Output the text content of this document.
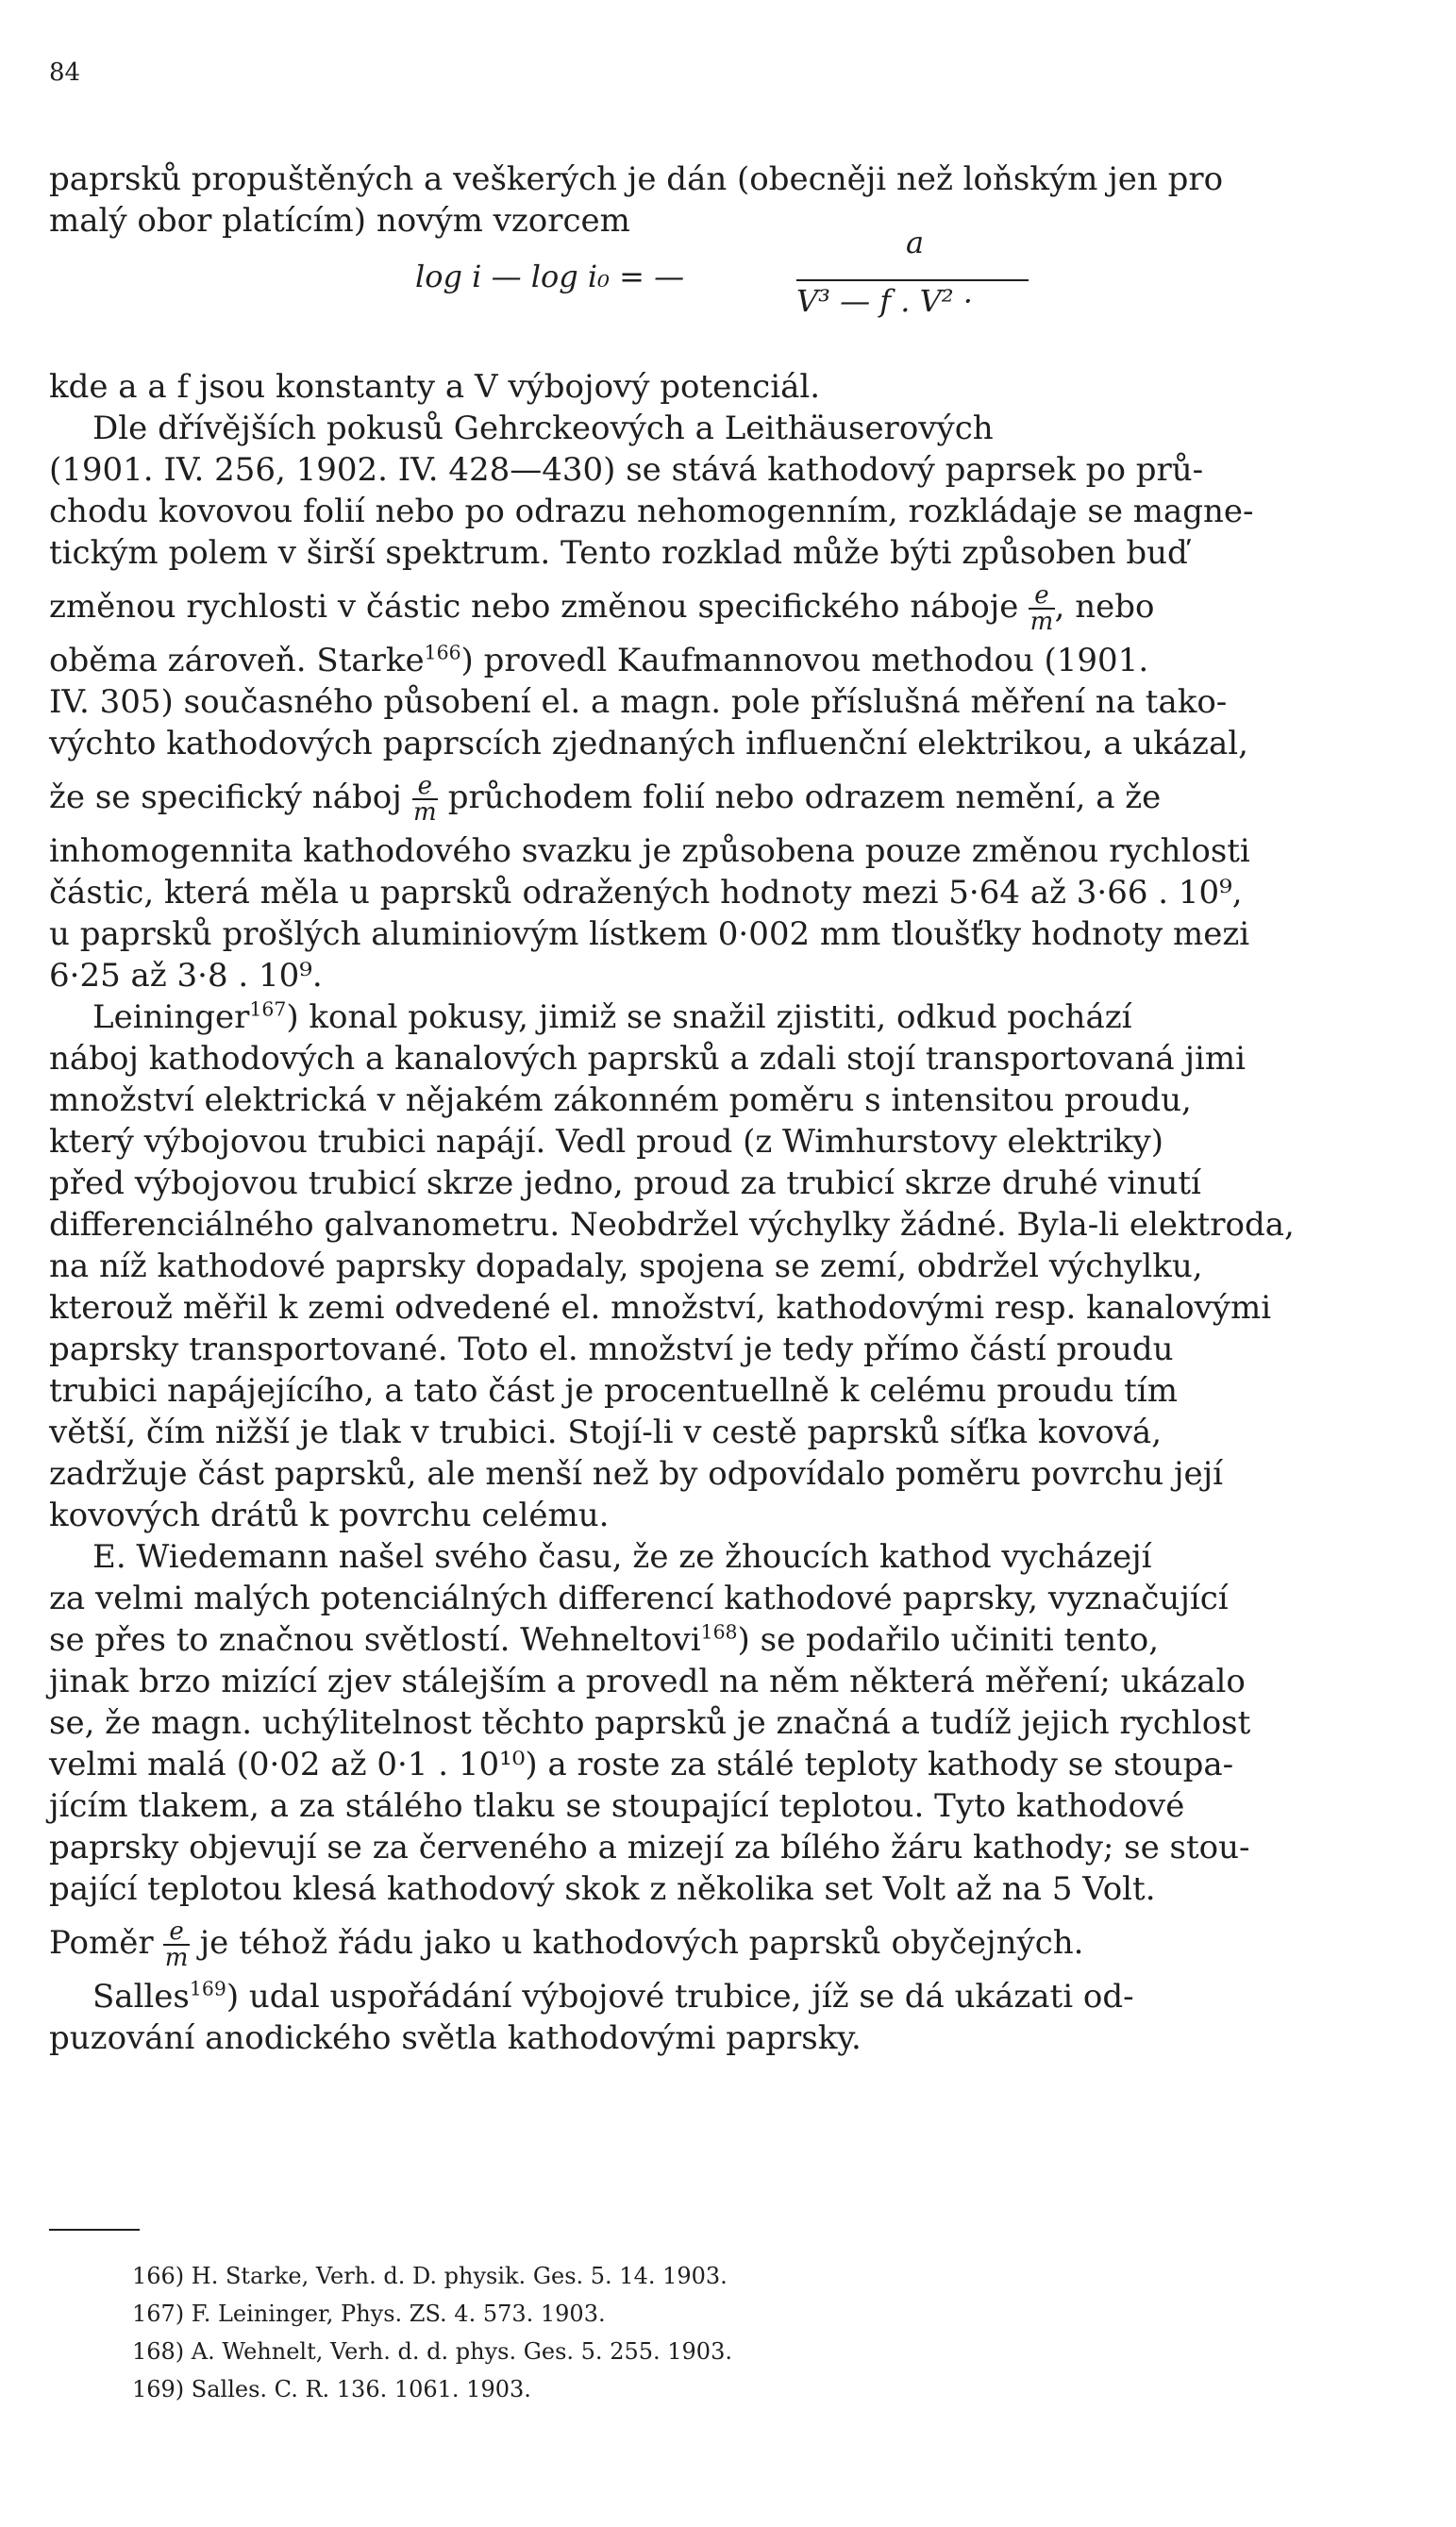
84
a
log i — log i₀ = —
V³ — f . V² ·
paprsků propuštěných a veškerých je dán (obecněji než loňským jen pro
malý obor platícím) novým vzorcem
kde a a f jsou konstanty a V výbojový potenciál.
Dle dřívějších pokusů Gehrckeových a Leithäuserových
(1901. IV. 256, 1902. IV. 428—430) se stává kathodový paprsek po prů-
chodu kovovou folií nebo po odrazu nehomogenním, rozkládaje se magne-
tickým polem v širší spektrum. Tento rozklad může býti způsoben buď
změnou rychlosti v částic nebo změnou specifického náboje $\frac{e}{m}$ , nebo
oběma zároveň. Starke$^{166}$) provedl Kaufmannovou methodou (1901.
IV. 305) současného působení el. a magn. pole příslušná měření na tako-
výchto kathodových paprscích zjednaných influenční elektrikou, a ukázal,
že se specifický náboj $\frac{e}{m}$ průchodem folií nebo odrazem nemění, a že
inhomogennita kathodového svazku je způsobena pouze změnou rychlosti
částic, která měla u paprsků odražených hodnoty mezi 5·64 až 3·66 . 10⁹,
u paprsků prošlých aluminiovým lístkem 0·002 mm tloušťky hodnoty mezi
6·25 až 3·8 . 10⁹.
Leininger$^{167}$) konal pokusy, jimiž se snažil zjistiti, odkud pochází
náboj kathodových a kanalových paprsků a zdali stojí transportovaná jimi
množství elektrická v nějakém zákonném poměru s intensitou proudu,
který výbojovou trubici napájí. Vedl proud (z Wimhurstovy elektriky)
před výbojovou trubicí skrze jedno, proud za trubicí skrze druhé vinutí
differenciálného galvanometru. Neobdržel výchylky žádné. Byla-li elektroda,
na níž kathodové paprsky dopadaly, spojena se zemí, obdržel výchylku,
kterouž měřil k zemi odvedené el. množství, kathodovými resp. kanalovými
paprsky transportované. Toto el. množství je tedy přímo částí proudu
trubici napájejícího, a tato část je procentuellně k celému proudu tím
větší, čím nižší je tlak v trubici. Stojí-li v cestě paprsků síťka kovová,
zadržuje část paprsků, ale menší než by odpovídalo poměru povrchu její
kovových drátů k povrchu celému.
E. Wiedemann našel svého času, že ze žhoucích kathod vycházejí
za velmi malých potenciálných differencí kathodové paprsky, vyznačující
se přes to značnou světlostí. Wehneltovi$^{168}$) se podařilo učiniti tento,
jinak brzo mizící zjev stálejším a provedl na něm některá měření; ukázalo
se, že magn. uchýlitelnost těchto paprsků je značná a tudíž jejich rychlost
velmi malá (0·02 až 0·1 . 10¹⁰) a roste za stálé teploty kathody se stoupa-
jícím tlakem, a za stálého tlaku se stoupající teplotou. Tyto kathodové
paprsky objevují se za červeného a mizejí za bílého žáru kathody; se stou-
pající teplotou klesá kathodový skok z několika set Volt až na 5 Volt.
Poměr $\frac{e}{m}$ je téhož řádu jako u kathodových paprsků obyčejných.
Salles$^{169}$) udal uspořádání výbojové trubice, jíž se dá ukázati od-
puzování anodického světla kathodovými paprsky.
166) H. Starke, Verh. d. D. physik. Ges. 5. 14. 1903.
167) F. Leininger, Phys. ZS. 4. 573. 1903.
168) A. Wehnelt, Verh. d. d. phys. Ges. 5. 255. 1903.
169) Salles. C. R. 136. 1061. 1903.
